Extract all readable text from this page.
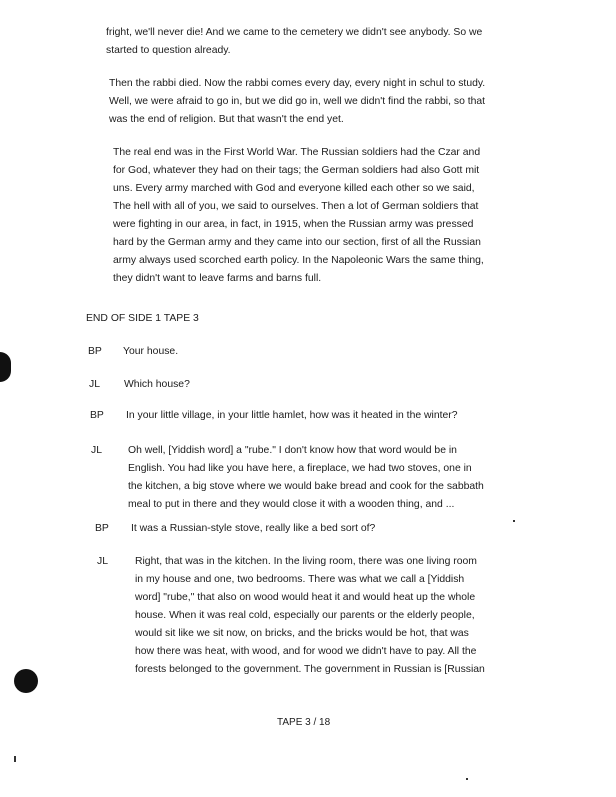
fright, we'll never die! And we came to the cemetery we didn't see anybody. So we started to question already.

Then the rabbi died. Now the rabbi comes every day, every night in schul to study. Well, we were afraid to go in, but we did go in, well we didn't find the rabbi, so that was the end of religion. But that wasn't the end yet.

The real end was in the First World War. The Russian soldiers had the Czar and for God, whatever they had on their tags; the German soldiers had also Gott mit uns. Every army marched with God and everyone killed each other so we said, The hell with all of you, we said to ourselves. Then a lot of German soldiers that were fighting in our area, in fact, in 1915, when the Russian army was pressed hard by the German army and they came into our section, first of all the Russian army always used scorched earth policy. In the Napoleonic Wars the same thing, they didn't want to leave farms and barns full.

END OF SIDE 1 TAPE 3

BP Your house.

JL Which house?

BP In your little village, in your little hamlet, how was it heated in the winter?

JL	Oh well, [Yiddish word] a "rube." I don't know how that word would be in English. You had like you have here, a fireplace, we had two stoves, one in the kitchen, a big stove where we would bake bread and cook for the sabbath meal to put in there and they would close it with a wooden thing, and ...

BP It was a Russian-style stove, really like a bed sort of?

JL	Right, that was in the kitchen. In the living room, there was one living room in my house and one, two bedrooms. There was what we call a [Yiddish word] "rube," that also on wood would heat it and would heat up the whole house. When it was real cold, especially our parents or the elderly people, would sit like we sit now, on bricks, and the bricks would be hot, that was how there was heat, with wood, and for wood we didn't have to pay. All the forests belonged to the government. The government in Russian is [Russian

TAPE 3 / 18
